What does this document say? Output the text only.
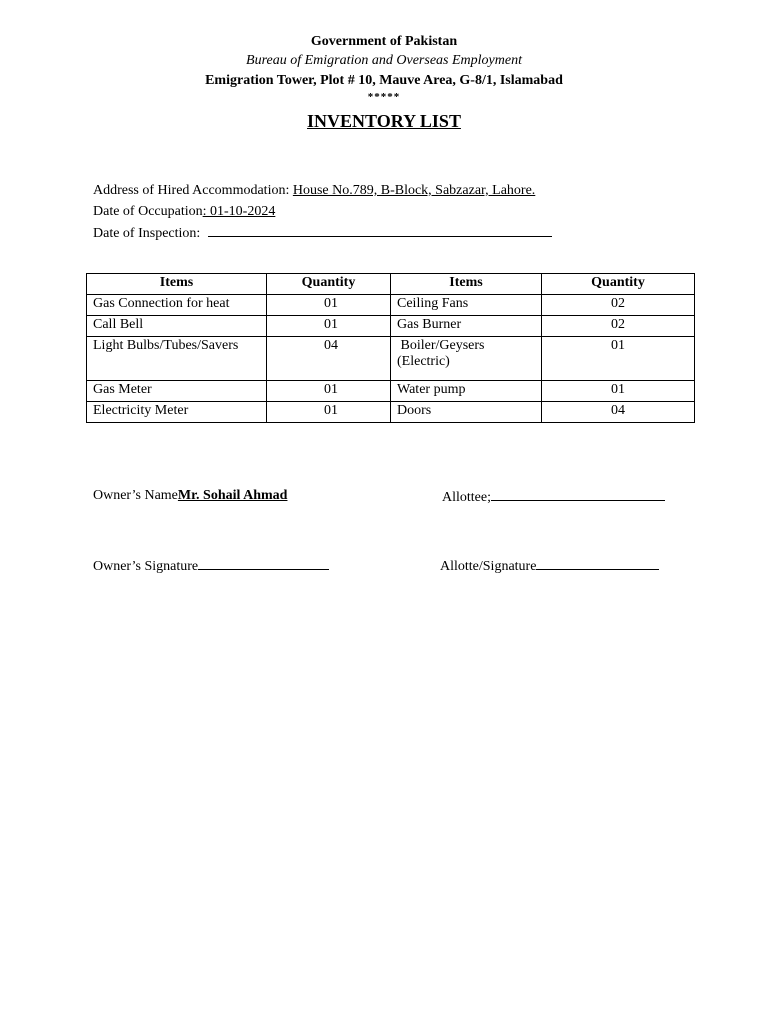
Government of Pakistan
Bureau of Emigration and Overseas Employment
Emigration Tower, Plot # 10, Mauve Area, G-8/1, Islamabad
*****
INVENTORY LIST
Address of Hired Accommodation: House No.789, B-Block, Sabzazar, Lahore.
Date of Occupation: 01-10-2024
Date of Inspection:
Items	Quantity	Items	Quantity
Gas Connection for heat	01	Ceiling Fans	02
Call Bell	01	Gas Burner	02
Light Bulbs/Tubes/Savers	04	Boiler/Geysers (Electric)	01
Gas Meter	01	Water pump	01
Electricity Meter	01	Doors	04
Owner’s NameMr. Sohail Ahmad	Allottee;
Owner’s Signature	Allotte/Signature
